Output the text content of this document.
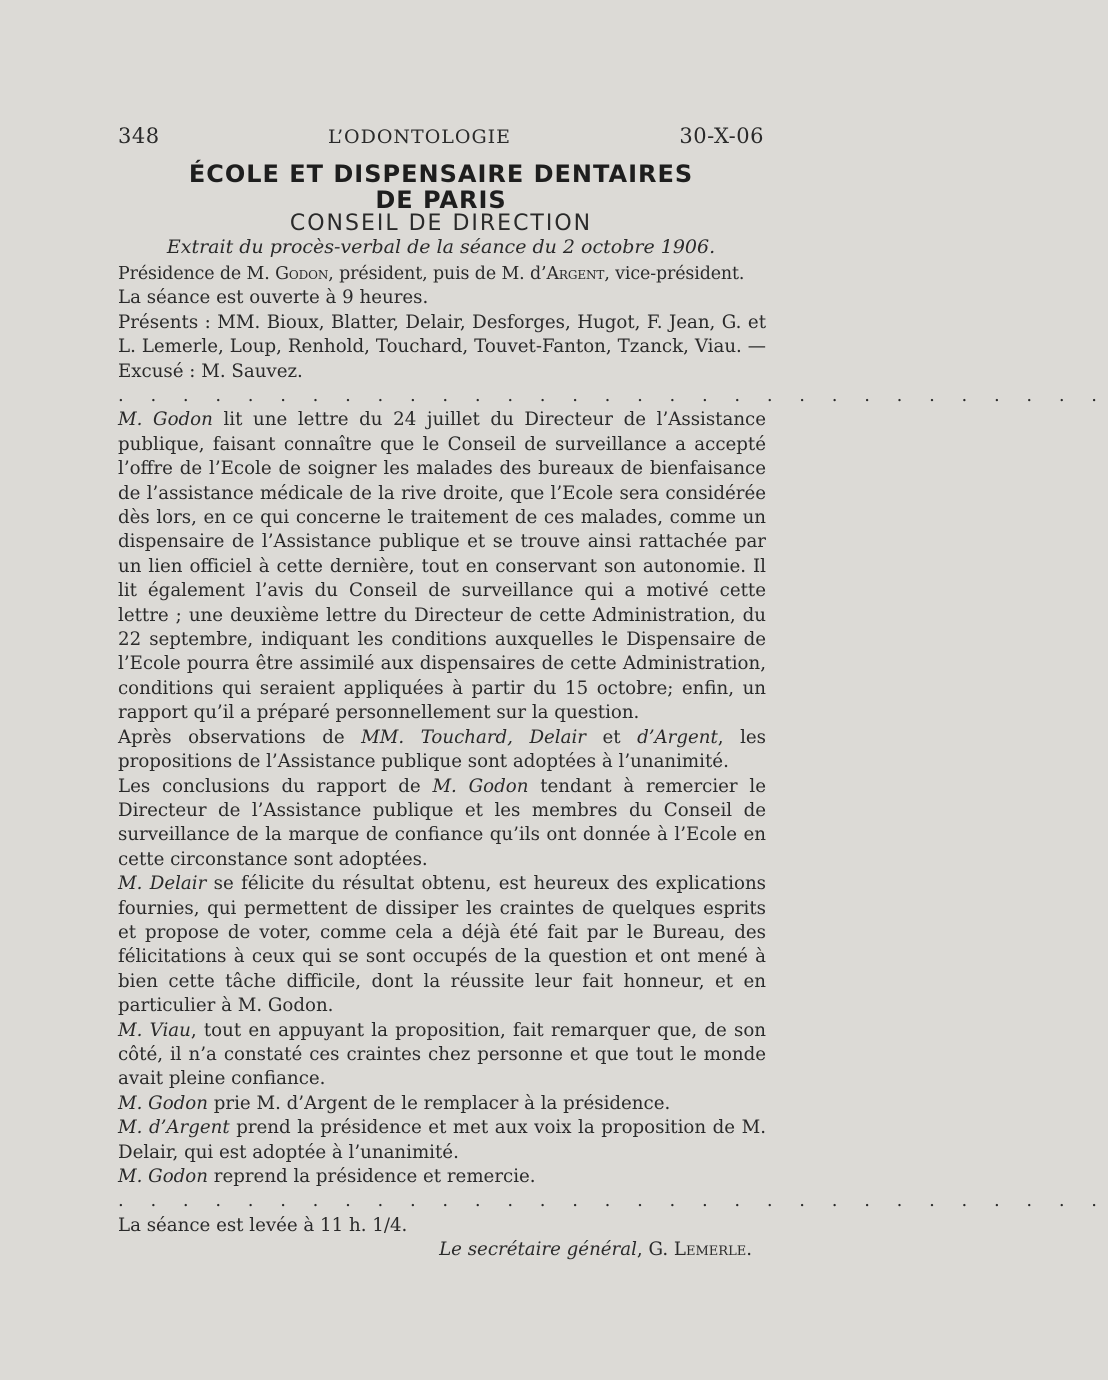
348	L’ODONTOLOGIE	30-X-06
ÉCOLE ET DISPENSAIRE DENTAIRES
DE PARIS
CONSEIL DE DIRECTION
Extrait du procès-verbal de la séance du 2 octobre 1906.

Présidence de M. Godon, président, puis de M. d’Argent, vice-président.

La séance est ouverte à 9 heures.

Présents : MM. Bioux, Blatter, Delair, Desforges, Hugot, F. Jean, G. et L. Lemerle, Loup, Renhold, Touchard, Touvet-Fanton, Tzanck, Viau. — Excusé : M. Sauvez.

. . . . . . . . . . . . . . . . . . . . . . . . . . . . . . .

M. Godon lit une lettre du 24 juillet du Directeur de l’Assistance publique, faisant connaître que le Conseil de surveillance a accepté l’offre de l’Ecole de soigner les malades des bureaux de bienfaisance de l’assistance médicale de la rive droite, que l’Ecole sera considérée dès lors, en ce qui concerne le traitement de ces malades, comme un dispensaire de l’Assistance publique et se trouve ainsi rattachée par un lien officiel à cette dernière, tout en conservant son autonomie. Il lit également l’avis du Conseil de surveillance qui a motivé cette lettre ; une deuxième lettre du Directeur de cette Administration, du 22 septembre, indiquant les conditions auxquelles le Dispensaire de l’Ecole pourra être assimilé aux dispensaires de cette Administration, conditions qui seraient appliquées à partir du 15 octobre; enfin, un rapport qu’il a préparé personnellement sur la question.

Après observations de MM. Touchard, Delair et d’Argent, les propositions de l’Assistance publique sont adoptées à l’unanimité.

Les conclusions du rapport de M. Godon tendant à remercier le Directeur de l’Assistance publique et les membres du Conseil de surveillance de la marque de confiance qu’ils ont donnée à l’Ecole en cette circonstance sont adoptées.

M. Delair se félicite du résultat obtenu, est heureux des explications fournies, qui permettent de dissiper les craintes de quelques esprits et propose de voter, comme cela a déjà été fait par le Bureau, des félicitations à ceux qui se sont occupés de la question et ont mené à bien cette tâche difficile, dont la réussite leur fait honneur, et en particulier à M. Godon.

M. Viau, tout en appuyant la proposition, fait remarquer que, de son côté, il n’a constaté ces craintes chez personne et que tout le monde avait pleine confiance.

M. Godon prie M. d’Argent de le remplacer à la présidence.

M. d’Argent prend la présidence et met aux voix la proposition de M. Delair, qui est adoptée à l’unanimité.

M. Godon reprend la présidence et remercie.

. . . . . . . . . . . . . . . . . . . . . . . . . . . . . . .

La séance est levée à 11 h. 1/4.

Le secrétaire général, G. Lemerle.
